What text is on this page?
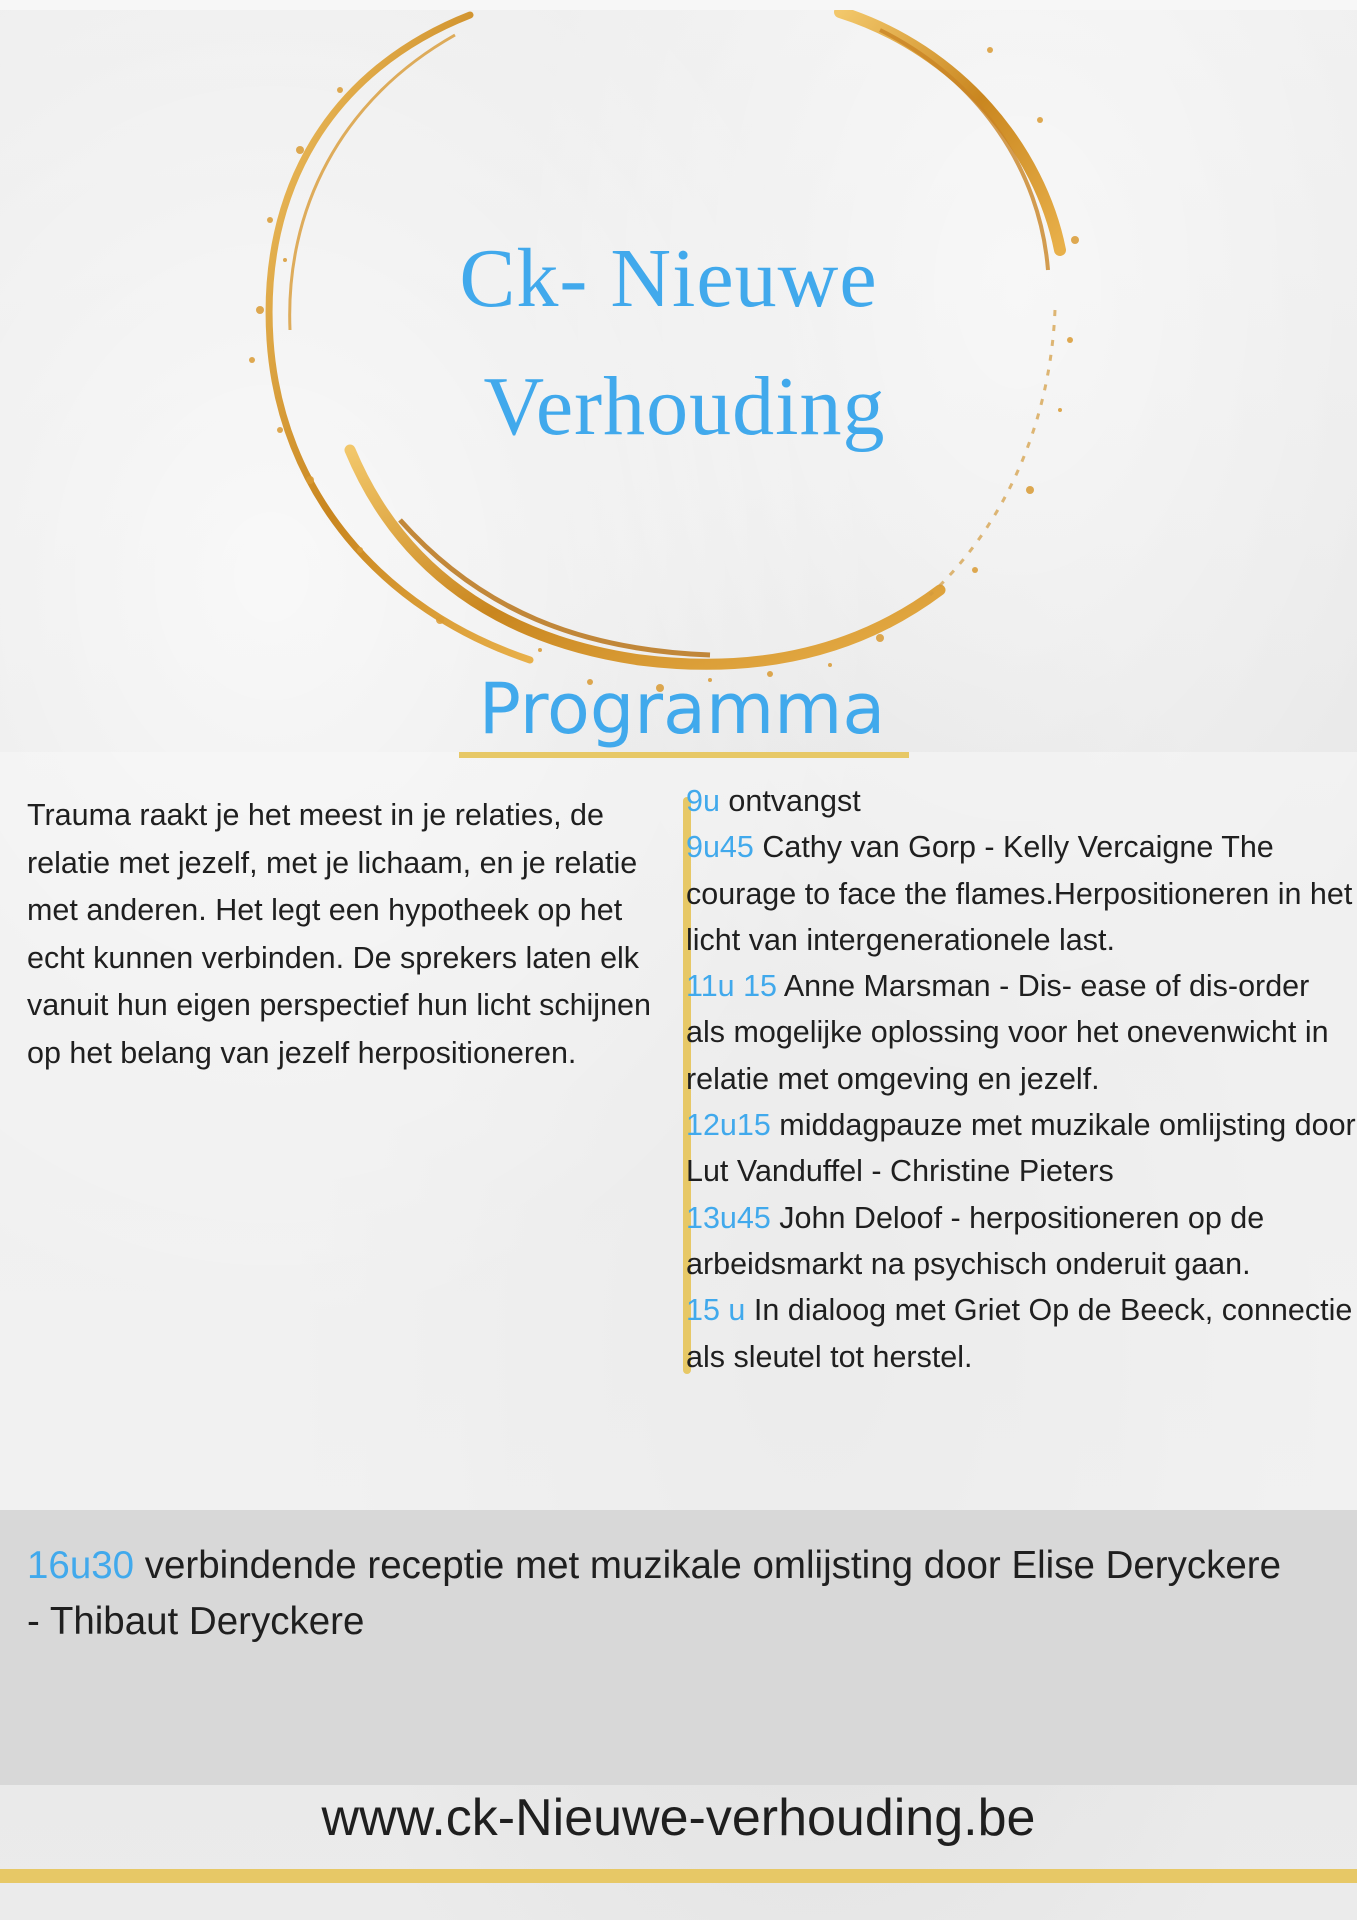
Ck- Nieuwe
Verhouding
Programma

Trauma raakt je het meest in je relaties, de relatie met jezelf, met je lichaam, en je relatie met anderen. Het legt een hypotheek op het echt kunnen verbinden. De sprekers laten elk vanuit hun eigen perspectief hun licht schijnen op het belang van jezelf herpositioneren.

9u ontvangst
9u45 Cathy van Gorp - Kelly Vercaigne The courage to face the flames.Herpositioneren in het licht van intergenerationele last.
11u 15 Anne Marsman - Dis- ease of dis-order als mogelijke oplossing voor het onevenwicht in relatie met omgeving en jezelf.
12u15 middagpauze met muzikale omlijsting door Lut Vanduffel - Christine Pieters
13u45 John Deloof - herpositioneren op de arbeidsmarkt na psychisch onderuit gaan.
15 u In dialoog met Griet Op de Beeck, connectie als sleutel tot herstel.

16u30 verbindende receptie met muzikale omlijsting door Elise Deryckere - Thibaut Deryckere

www.ck-Nieuwe-verhouding.be
